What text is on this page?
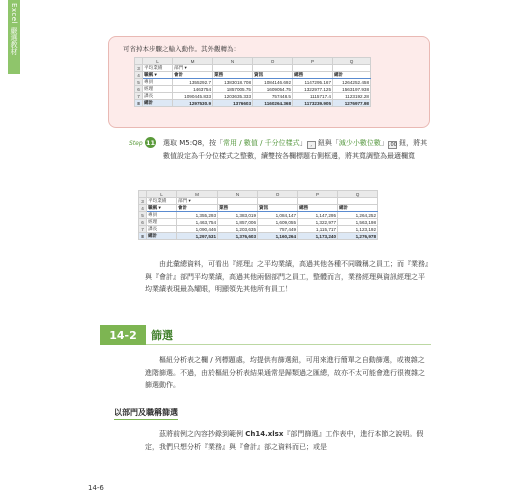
Excel
嚴選教材	可省掉本步驟之輸入動作。其外觀轉為：
	L	M	N	O	P	Q
3	平均業績	部門 ▾				
4	職稱 ▾	會計	業務	資訊	總務	總計
5	專員	1355292.7	1383018.708	1084146.692	1147295.167	1264252.458
6	經理	1463754	1857005.75	1609054.75	1322977.125	1563197.938
7	課長	1090445.833	1203635.333	757448.5	1115717.4	1123192.28
8	總計	1297530.9	1376603	1160264.368	1173239.905	1276977.98
Step 11 選取 M5:Q8，按「常用 / 數值 / 千分位樣式」 , 鈕與「減少小數位數」.00 鈕，將其數值設定為千分位樣式之整數，續雙按各欄標題右側框邊，將其寬調整為最適欄寬
	L	M	N	O	P	Q
3	平均業績	部門 ▾				
4	職稱 ▾	會計	業務	資訊	總務	總計
5	專員	1,355,293	1,383,019	1,084,147	1,147,295	1,264,252
6	經理	1,463,754	1,857,006	1,609,055	1,322,977	1,563,198
7	課長	1,090,446	1,203,635	757,449	1,115,717	1,123,192
8	總計	1,297,531	1,376,603	1,160,264	1,173,240	1,276,978
由此彙總資料，可看出『經理』之平均業績，高過其他各種不同職稱之員工；而『業務』與『會計』部門平均業績，高過其他兩個部門之員工，整體而言，業務經理與資訊經理之平均業績表現最為耀眼，明顯領先其他所有員工！
14-2	篩選
樞紐分析表之欄 / 列標題處，均提供有篩選鈕，可用來進行簡單之自動篩選，或複雜之進階篩選。不過，由於樞紐分析表結果通常是歸類過之匯總，故亦不太可能會進行很複雜之篩選動作。
以部門及職稱篩選
茲將前例之內容抄錄到範例 Ch14.xlsx『部門篩選』工作表中，進行本節之說明。假定，我們只想分析『業務』與『會計』部之資料而已；或是
14-6
